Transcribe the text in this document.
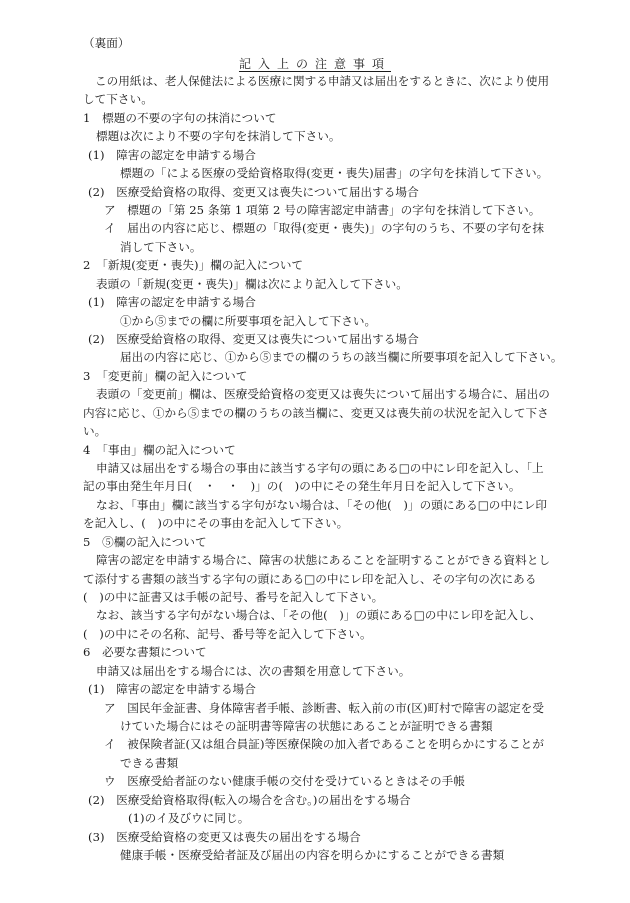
（裏面）
記入上の注意事項
この用紙は、老人保健法による医療に関する申請又は届出をするときに、次により使用
して下さい。
1　標題の不要の字句の抹消について
標題は次により不要の字句を抹消して下さい。
(1)　障害の認定を申請する場合
標題の「による医療の受給資格取得(変更・喪失)届書」の字句を抹消して下さい。
(2)　医療受給資格の取得、変更又は喪失について届出する場合
ア　標題の「第 25 条第 1 項第 2 号の障害認定申請書」の字句を抹消して下さい。
イ　届出の内容に応じ、標題の「取得(変更・喪失)」の字句のうち、不要の字句を抹
消して下さい。
2　「新規(変更・喪失)」欄の記入について
表頭の「新規(変更・喪失)」欄は次により記入して下さい。
(1)　障害の認定を申請する場合
①から⑤までの欄に所要事項を記入して下さい。
(2)　医療受給資格の取得、変更又は喪失について届出する場合
届出の内容に応じ、①から⑤までの欄のうちの該当欄に所要事項を記入して下さい。
3　「変更前」欄の記入について
表頭の「変更前」欄は、医療受給資格の変更又は喪失について届出する場合に、届出の
内容に応じ、①から⑤までの欄のうちの該当欄に、変更又は喪失前の状況を記入して下さ
い。
4　「事由」欄の記入について
申請又は届出をする場合の事由に該当する字句の頭にある□の中にレ印を記入し、「上
記の事由発生年月日(　・　・　)」の(　)の中にその発生年月日を記入して下さい。
なお、「事由」欄に該当する字句がない場合は、「その他(　)」の頭にある□の中にレ印
を記入し、(　)の中にその事由を記入して下さい。
5　⑤欄の記入について
障害の認定を申請する場合に、障害の状態にあることを証明することができる資料とし
て添付する書類の該当する字句の頭にある□の中にレ印を記入し、その字句の次にある
(　)の中に証書又は手帳の記号、番号を記入して下さい。
なお、該当する字句がない場合は、「その他(　)」の頭にある□の中にレ印を記入し、
(　)の中にその名称、記号、番号等を記入して下さい。
6　必要な書類について
申請又は届出をする場合には、次の書類を用意して下さい。
(1)　障害の認定を申請する場合
ア　国民年金証書、身体障害者手帳、診断書、転入前の市(区)町村で障害の認定を受
けていた場合にはその証明書等障害の状態にあることが証明できる書類
イ　被保険者証(又は組合員証)等医療保険の加入者であることを明らかにすることが
できる書類
ウ　医療受給者証のない健康手帳の交付を受けているときはその手帳
(2)　医療受給資格取得(転入の場合を含む。)の届出をする場合
(1)のイ及びウに同じ。
(3)　医療受給資格の変更又は喪失の届出をする場合
健康手帳・医療受給者証及び届出の内容を明らかにすることができる書類
